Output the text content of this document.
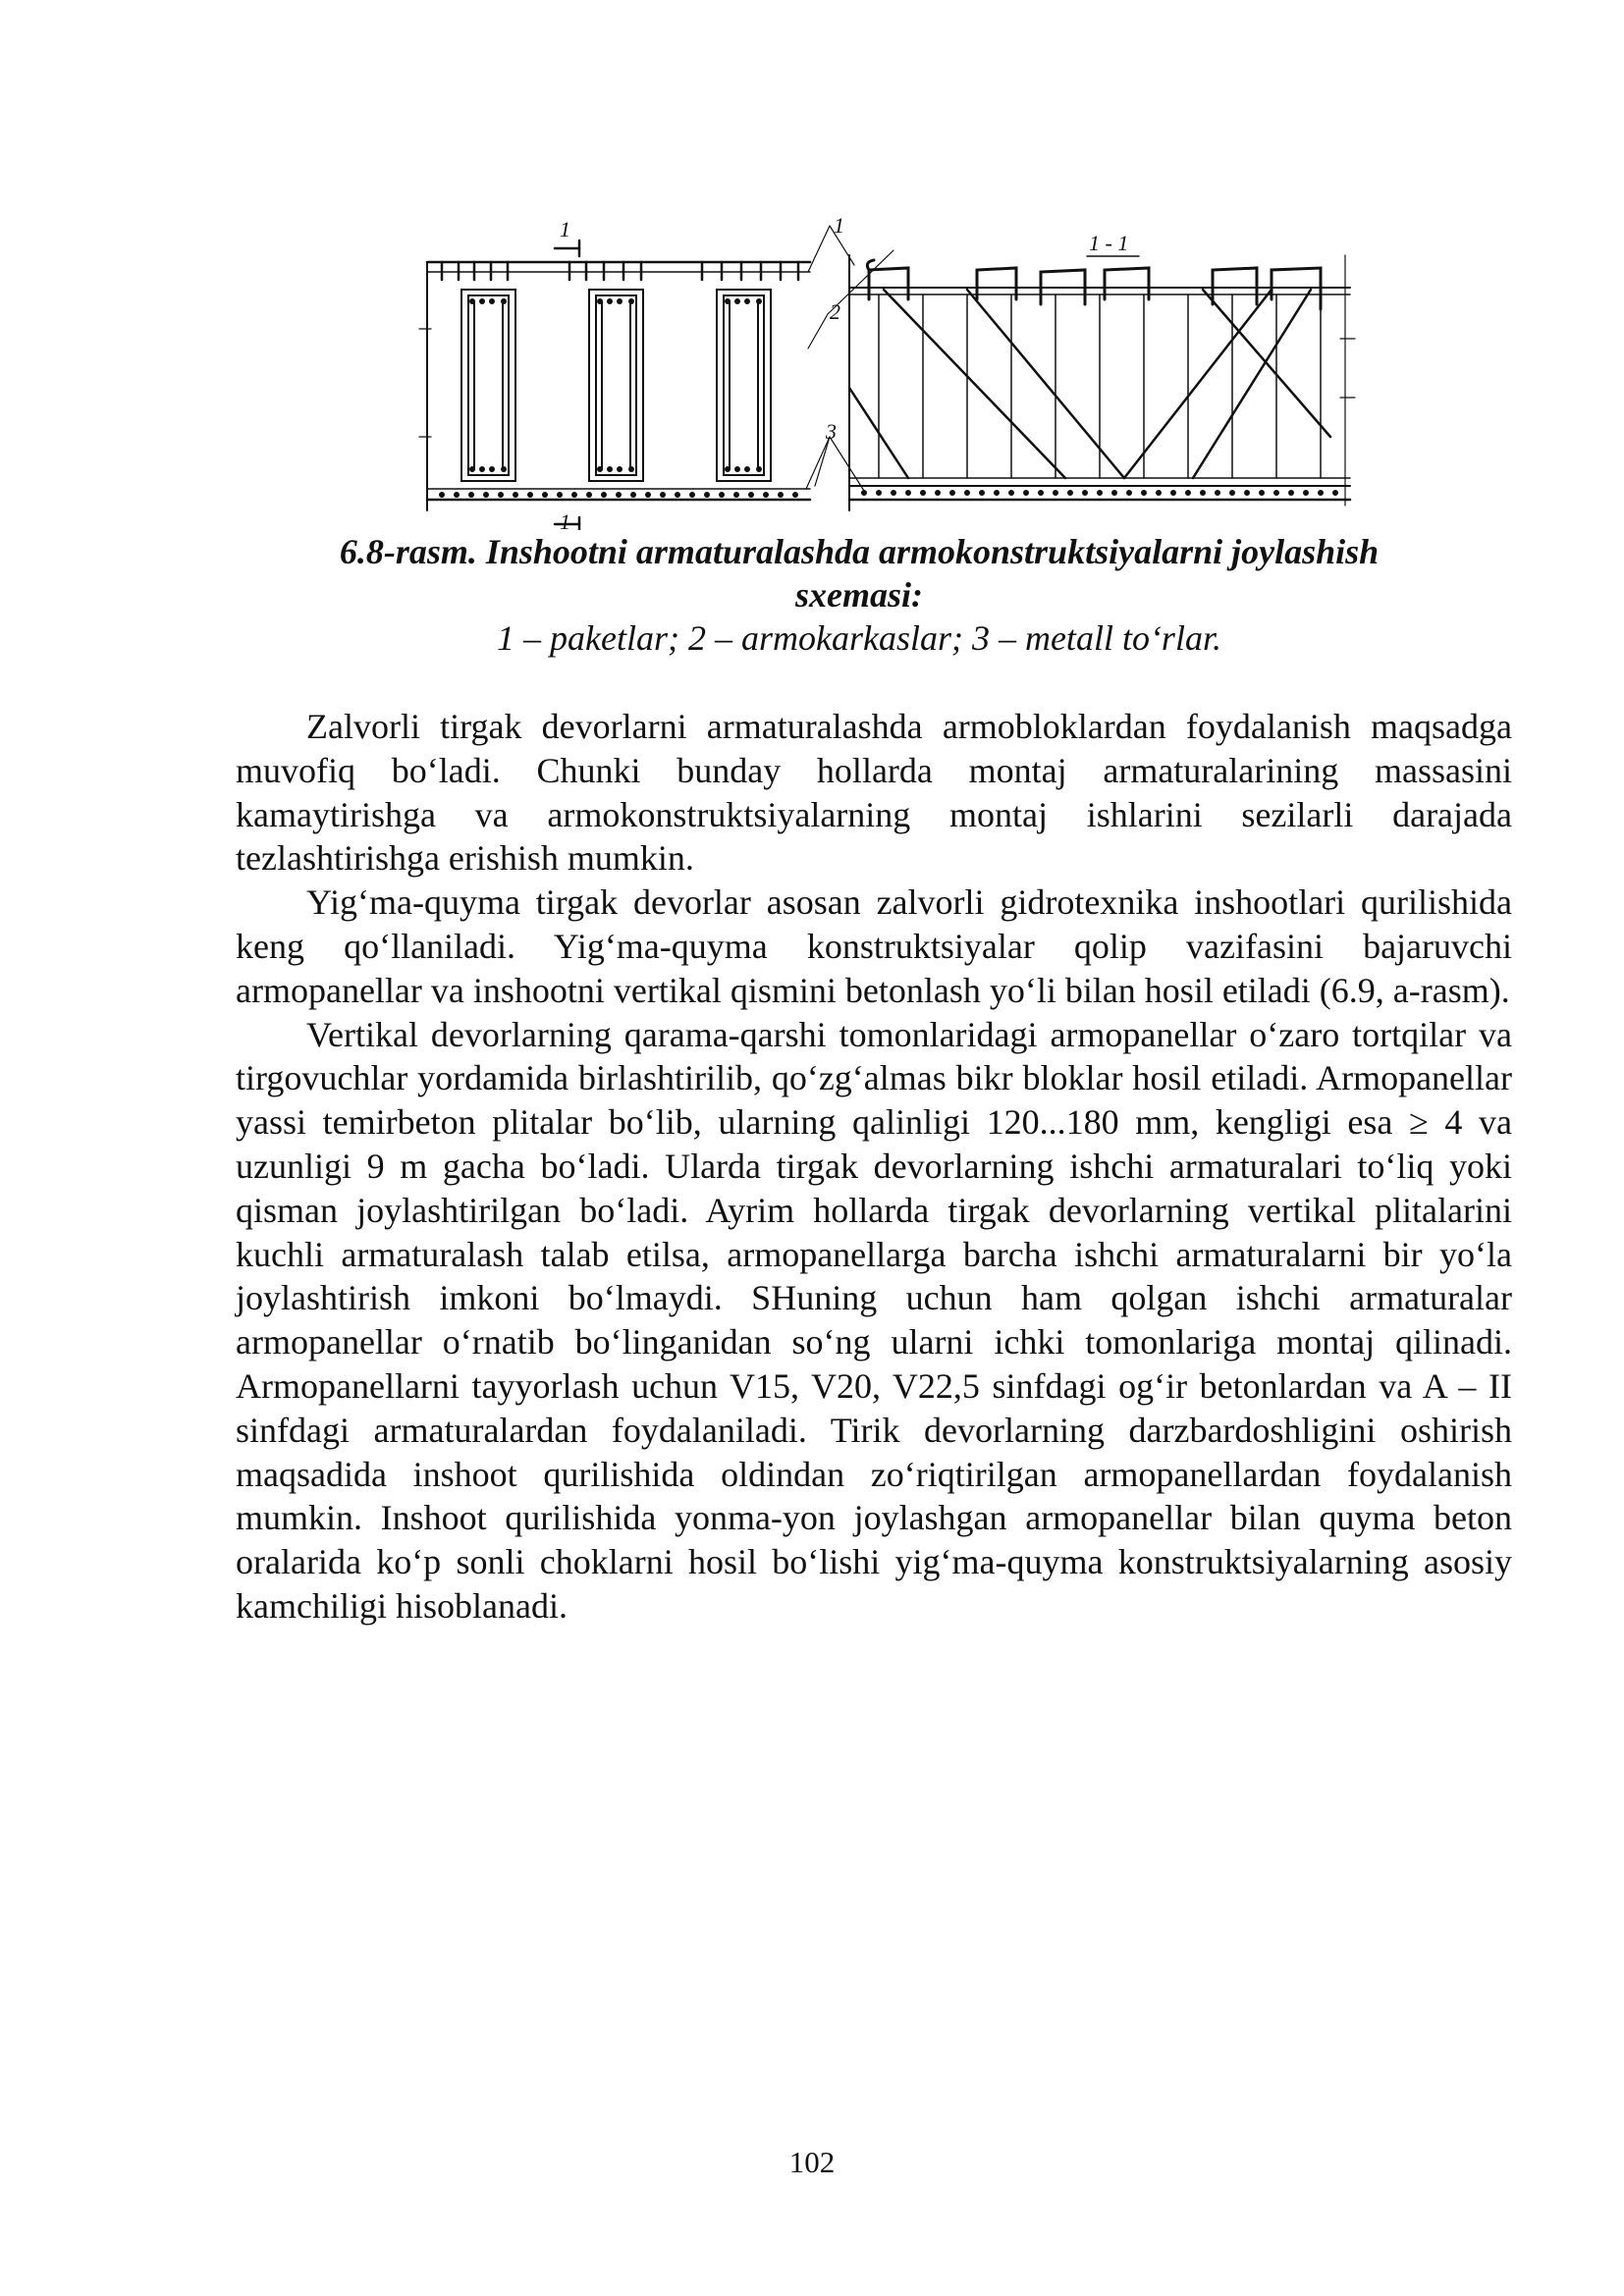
1	1
1 - 1
2
3
1
6.8-rasm. Inshootni armaturalashda armokonstruktsiyalarni joylashish
sxemasi:
1 – paketlar; 2 – armokarkaslar; 3 – metall to‘rlar.

Zalvorli tirgak devorlarni armaturalashda armobloklardan foydalanish maqsadga muvofiq bo‘ladi. Chunki bunday hollarda montaj armaturalarining massasini kamaytirishga va armokonstruktsiyalarning montaj ishlarini sezilarli darajada tezlashtirishga erishish mumkin.

Yig‘ma-quyma tirgak devorlar asosan zalvorli gidrotexnika inshootlari qurilishida keng qo‘llaniladi. Yig‘ma-quyma konstruktsiyalar qolip vazifasini bajaruvchi armopanellar va inshootni vertikal qismini betonlash yo‘li bilan hosil etiladi (6.9, a-rasm).

Vertikal devorlarning qarama-qarshi tomonlaridagi armopanellar o‘zaro tortqilar va tirgovuchlar yordamida birlashtirilib, qo‘zg‘almas bikr bloklar hosil etiladi. Armopanellar yassi temirbeton plitalar bo‘lib, ularning qalinligi 120...180 mm, kengligi esa ≥ 4 va uzunligi 9 m gacha bo‘ladi. Ularda tirgak devorlarning ishchi armaturalari to‘liq yoki qisman joylashtirilgan bo‘ladi. Ayrim hollarda tirgak devorlarning vertikal plitalarini kuchli armaturalash talab etilsa, armopanellarga barcha ishchi armaturalarni bir yo‘la joylashtirish imkoni bo‘lmaydi. SHuning uchun ham qolgan ishchi armaturalar armopanellar o‘rnatib bo‘linganidan so‘ng ularni ichki tomonlariga montaj qilinadi. Armopanellarni tayyorlash uchun V15, V20, V22,5 sinfdagi og‘ir betonlardan va A – II sinfdagi armaturalardan foydalaniladi. Tirik devorlarning darzbardoshligini oshirish maqsadida inshoot qurilishida oldindan zo‘riqtirilgan armopanellardan foydalanish mumkin. Inshoot qurilishida yonma-yon joylashgan armopanellar bilan quyma beton oralarida ko‘p sonli choklarni hosil bo‘lishi yig‘ma-quyma konstruktsiyalarning asosiy kamchiligi hisoblanadi.

102
